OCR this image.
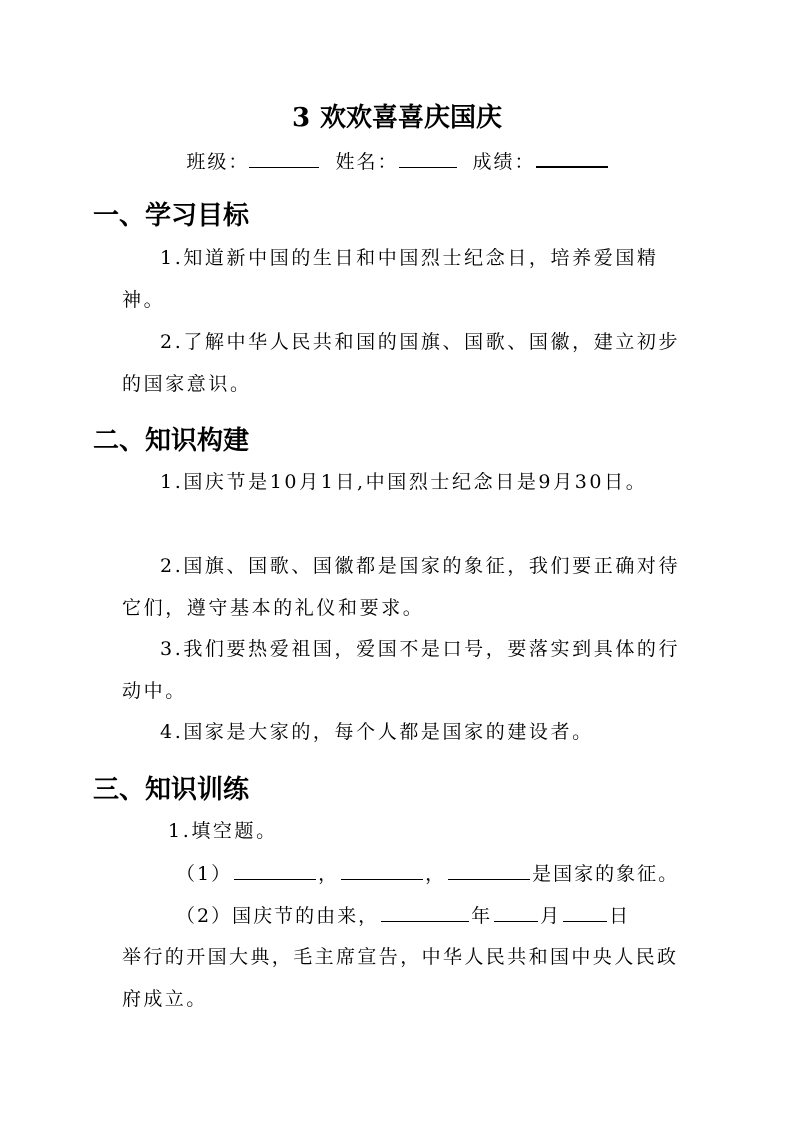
3 欢欢喜喜庆国庆
班级：	姓名：	成绩：
一、学习目标

1.知道新中国的生日和中国烈士纪念日，培养爱国精神。

2.了解中华人民共和国的国旗、国歌、国徽，建立初步的国家意识。

二、知识构建

1.国庆节是10月1日,中国烈士纪念日是9月30日。

2.国旗、国歌、国徽都是国家的象征，我们要正确对待它们，遵守基本的礼仪和要求。

3.我们要热爱祖国，爱国不是口号，要落实到具体的行动中。

4.国家是大家的，每个人都是国家的建设者。

三、知识训练
1.填空题。

（1）	，	，	是国家的象征。

（2）国庆节的由来，	年	月	日

举行的开国大典，毛主席宣告，中华人民共和国中央人民政府成立。
